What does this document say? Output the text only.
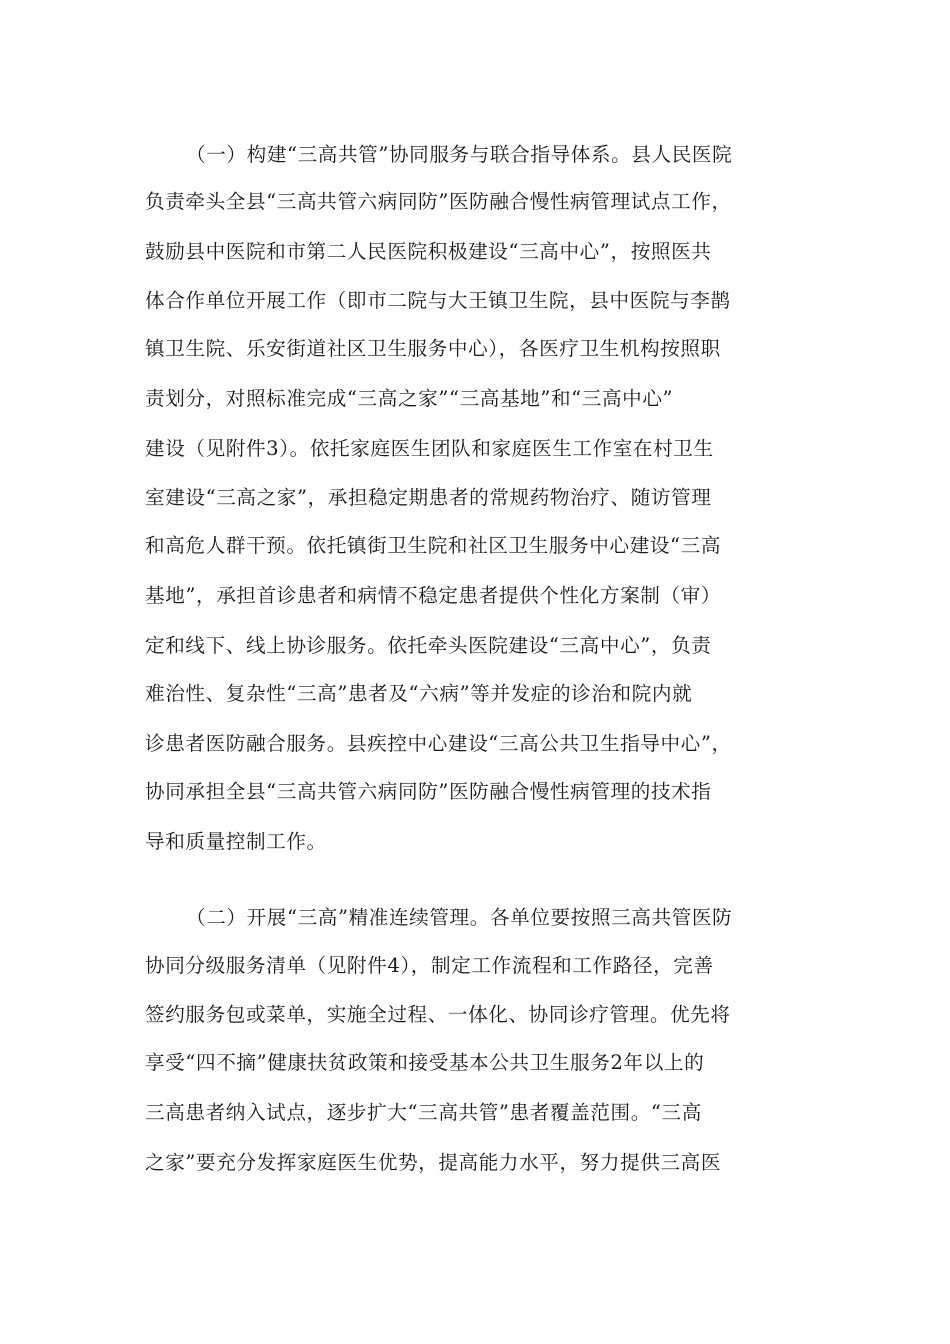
（一）构建“三高共管”协同服务与联合指导体系。县人民医院
负责牵头全县“三高共管六病同防”医防融合慢性病管理试点工作，
鼓励县中医院和市第二人民医院积极建设“三高中心”，按照医共
体合作单位开展工作（即市二院与大王镇卫生院，县中医院与李鹊
镇卫生院、乐安街道社区卫生服务中心），各医疗卫生机构按照职
责划分，对照标准完成“三高之家”“三高基地”和“三高中心”
建设（见附件3）。依托家庭医生团队和家庭医生工作室在村卫生
室建设“三高之家”，承担稳定期患者的常规药物治疗、随访管理
和高危人群干预。依托镇街卫生院和社区卫生服务中心建设“三高
基地”，承担首诊患者和病情不稳定患者提供个性化方案制（审）
定和线下、线上协诊服务。依托牵头医院建设“三高中心”，负责
难治性、复杂性“三高”患者及“六病”等并发症的诊治和院内就
诊患者医防融合服务。县疾控中心建设“三高公共卫生指导中心”，
协同承担全县“三高共管六病同防”医防融合慢性病管理的技术指
导和质量控制工作。
（二）开展“三高”精准连续管理。各单位要按照三高共管医防
协同分级服务清单（见附件4），制定工作流程和工作路径，完善
签约服务包或菜单，实施全过程、一体化、协同诊疗管理。优先将
享受“四不摘”健康扶贫政策和接受基本公共卫生服务2年以上的
三高患者纳入试点，逐步扩大“三高共管”患者覆盖范围。“三高
之家”要充分发挥家庭医生优势，提高能力水平，努力提供三高医
